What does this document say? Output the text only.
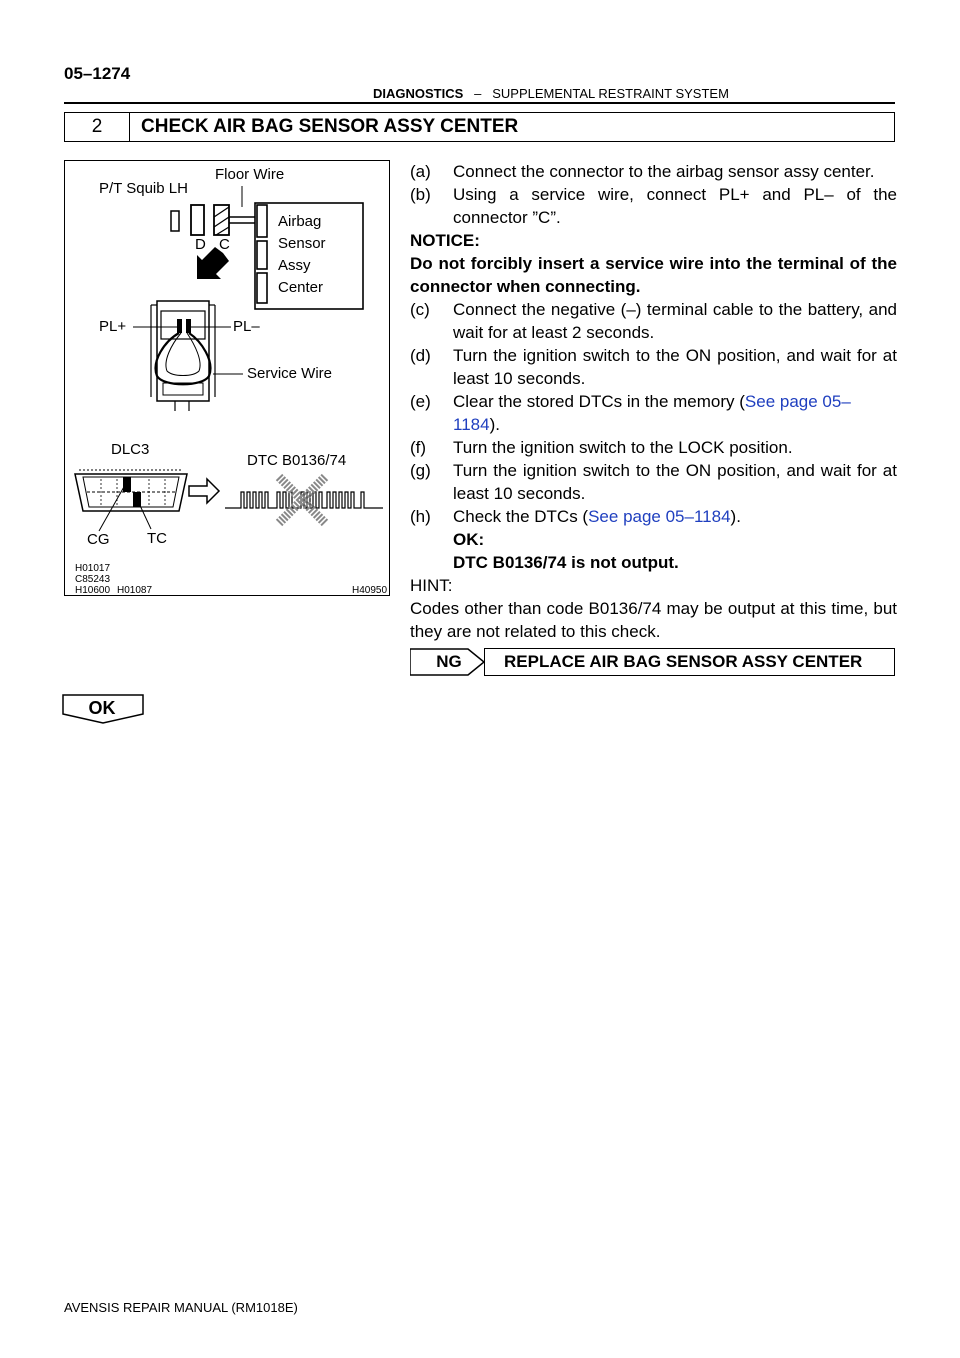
05–1274
DIAGNOSTICS – SUPPLEMENTAL RESTRAINT SYSTEM
2	CHECK AIR BAG SENSOR ASSY CENTER
Floor Wire
P/T Squib LH
Airbag
Sensor
Assy
Center
D C
PL+	PL–
Service Wire
DLC3
DTC B0136/74
CG	TC
H01017
C85243
H10600 H01087	H40950
(a) Connect the connector to the airbag sensor assy center.
(b) Using a service wire, connect PL+ and PL– of the connector ”C”.
NOTICE:
Do not forcibly insert a service wire into the terminal of the connector when connecting.
(c) Connect the negative (–) terminal cable to the battery, and wait for at least 2 seconds.
(d) Turn the ignition switch to the ON position, and wait for at least 10 seconds.
(e) Clear the stored DTCs in the memory (See page 05–1184).
(f) Turn the ignition switch to the LOCK position.
(g) Turn the ignition switch to the ON position, and wait for at least 10 seconds.
(h) Check the DTCs (See page 05–1184).
OK:
DTC B0136/74 is not output.
HINT:
Codes other than code B0136/74 may be output at this time, but they are not related to this check.
NG	REPLACE AIR BAG SENSOR ASSY CENTER
OK
AVENSIS REPAIR MANUAL (RM1018E)
